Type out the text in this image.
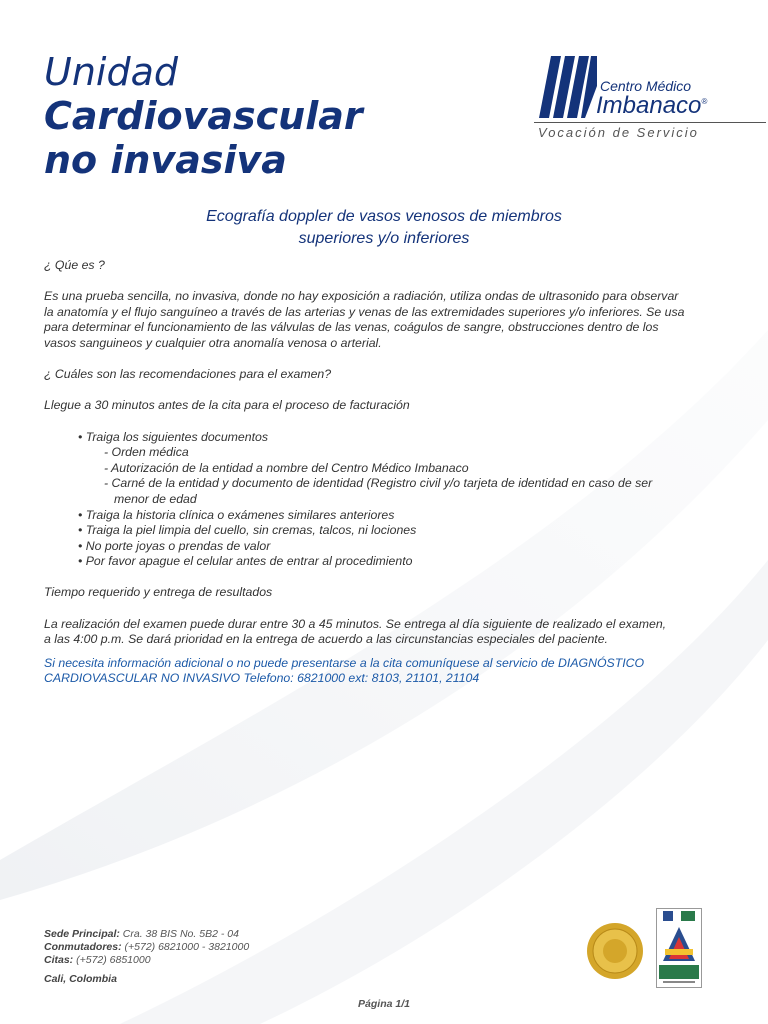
Unidad
Cardiovascular
no invasiva
Centro Médico
Imbanaco®
Vocación de Servicio
Ecografía doppler de vasos venosos de miembros
superiores y/o inferiores

¿ Qúe es ?

Es una prueba sencilla, no invasiva, donde no hay exposición a radiación, utiliza ondas de ultrasonido para observar

la anatomía y el flujo sanguíneo a través de las arterias y venas de las extremidades superiores y/o inferiores. Se usa

para determinar el funcionamiento de las válvulas de las venas, coágulos de sangre, obstrucciones dentro de los

vasos sanguineos y cualquier otra anomalía venosa o arterial.

¿ Cuáles son las recomendaciones para el examen?

Llegue a 30 minutos antes de la cita para el proceso de facturación

• Traiga los siguientes documentos

- Orden médica

- Autorización de la entidad a nombre del Centro Médico Imbanaco

- Carné de la entidad y documento de identidad (Registro civil y/o tarjeta de identidad en caso de ser

menor de edad

• Traiga la historia clínica o exámenes similares anteriores

• Traiga la piel limpia del cuello, sin cremas, talcos, ni lociones

• No porte joyas o prendas de valor

• Por favor apague el celular antes de entrar al procedimiento

Tiempo requerido y entrega de resultados

La realización del examen puede durar entre 30 a 45 minutos. Se entrega al día siguiente de realizado el examen,

a las 4:00 p.m. Se dará prioridad en la entrega de acuerdo a las circunstancias especiales del paciente.

Si necesita información adicional o no puede presentarse a la cita comuníquese al servicio de DIAGNÓSTICO

CARDIOVASCULAR NO INVASIVO Telefono: 6821000 ext: 8103, 21101, 21104

Sede Principal: Cra. 38 BIS No. 5B2 - 04
Conmutadores: (+572) 6821000 - 3821000
Citas: (+572) 6851000
Cali, Colombia
Página 1/1
